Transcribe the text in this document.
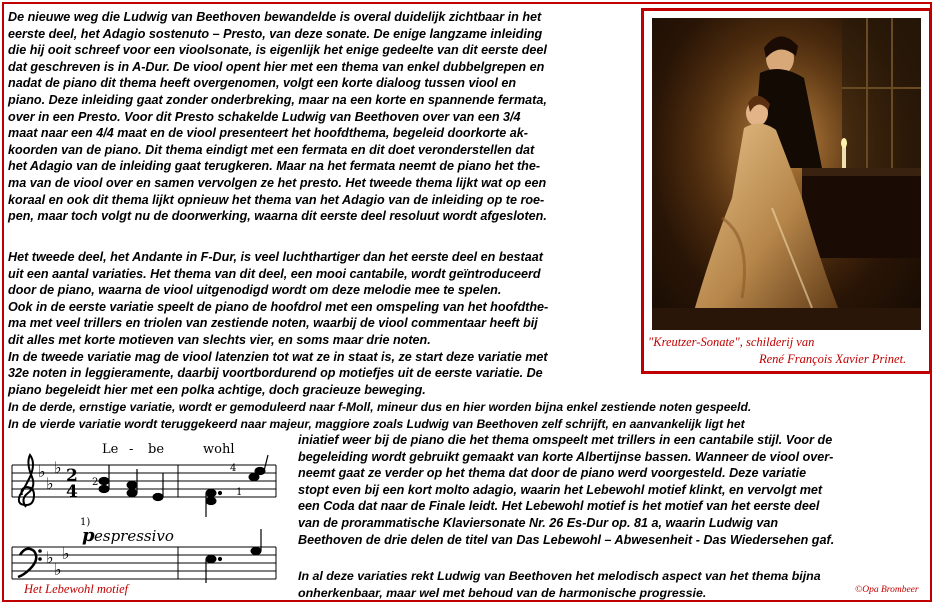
De nieuwe weg die Ludwig van Beethoven bewandelde is overal duidelijk zichtbaar in het
eerste deel, het Adagio sostenuto – Presto, van deze sonate. De enige langzame inleiding
die hij ooit schreef voor een vioolsonate, is eigenlijk het enige gedeelte van dit eerste deel
dat geschreven is in A-Dur. De viool opent hier met een thema van enkel dubbelgrepen en
nadat de piano dit thema heeft overgenomen, volgt een korte dialoog tussen viool en
piano. Deze inleiding gaat zonder onderbreking, maar na een korte en spannende fermata,
over in een Presto. Voor dit Presto schakelde Ludwig van Beethoven over van een 3/4
maat naar een 4/4 maat en de viool presenteert het hoofdthema, begeleid doorkorte ak-
koorden van de piano. Dit thema eindigt met een fermata en dit doet veronderstellen dat
het Adagio van de inleiding gaat terugkeren. Maar na het fermata neemt de piano het the-
ma van de viool over en samen vervolgen ze het presto. Het tweede thema lijkt wat op een
koraal en ook dit thema lijkt opnieuw het thema van het Adagio van de inleiding op te roe-
pen, maar toch volgt nu de doorwerking, waarna dit eerste deel resoluut wordt afgesloten.
Het tweede deel, het Andante in F-Dur, is veel luchthartiger dan het eerste deel en bestaat
uit een aantal variaties. Het thema van dit deel, een mooi cantabile, wordt geïntroduceerd
door de piano, waarna de viool uitgenodigd wordt om deze melodie mee te spelen.
Ook in de eerste variatie speelt de piano de hoofdrol met een omspeling van het hoofdthe-
ma met veel trillers en triolen van zestiende noten, waarbij de viool commentaar heeft bij
dit alles met korte motieven van slechts vier, en soms maar drie noten.
In de tweede variatie mag de viool latenzien tot wat ze in staat is, ze start deze variatie met
32e noten in leggieramente, daarbij voortbordurend op motiefjes uit de eerste variatie. De
piano begeleidt hier met een polka achtige, doch gracieuze beweging.
In de derde, ernstige variatie, wordt er gemoduleerd naar f-Moll, mineur dus en hier worden bijna enkel zestiende noten gespeeld.
In de vierde variatie wordt teruggekeerd naar majeur, maggiore zoals Ludwig van Beethoven zelf schrijft, en aanvankelijk ligt het
iniatief weer bij de piano die het thema omspeelt met trillers in een cantabile stijl. Voor de
begeleiding wordt gebruikt gemaakt van korte Albertijnse bassen. Wanneer de viool over-
neemt gaat ze verder op het thema dat door de piano werd voorgesteld. Deze variatie
stopt even bij een kort molto adagio, waarin het Lebewohl motief klinkt, en vervolgt met
een Coda dat naar de Finale leidt. Het Lebewohl motief is het motief van het eerste deel
van de prorammatische Klaviersonate Nr. 26 Es-Dur op. 81 a, waarin Ludwig van
Beethoven de drie delen de titel van Das Lebewohl – Abwesenheit - Das Wiedersehen gaf.
In al deze variaties rekt Ludwig van Beethoven het melodisch aspect van het thema bijna
onherkenbaar, maar wel met behoud van de harmonische progressie.
"Kreutzer-Sonate", schilderij van
René François Xavier Prinet.
Le - be	wohl
♭
♭
♭ 2
4 2
1)
4
1
p espressivo
♭
♭
♭
Het Lebewohl motief	©Opa Brombeer
